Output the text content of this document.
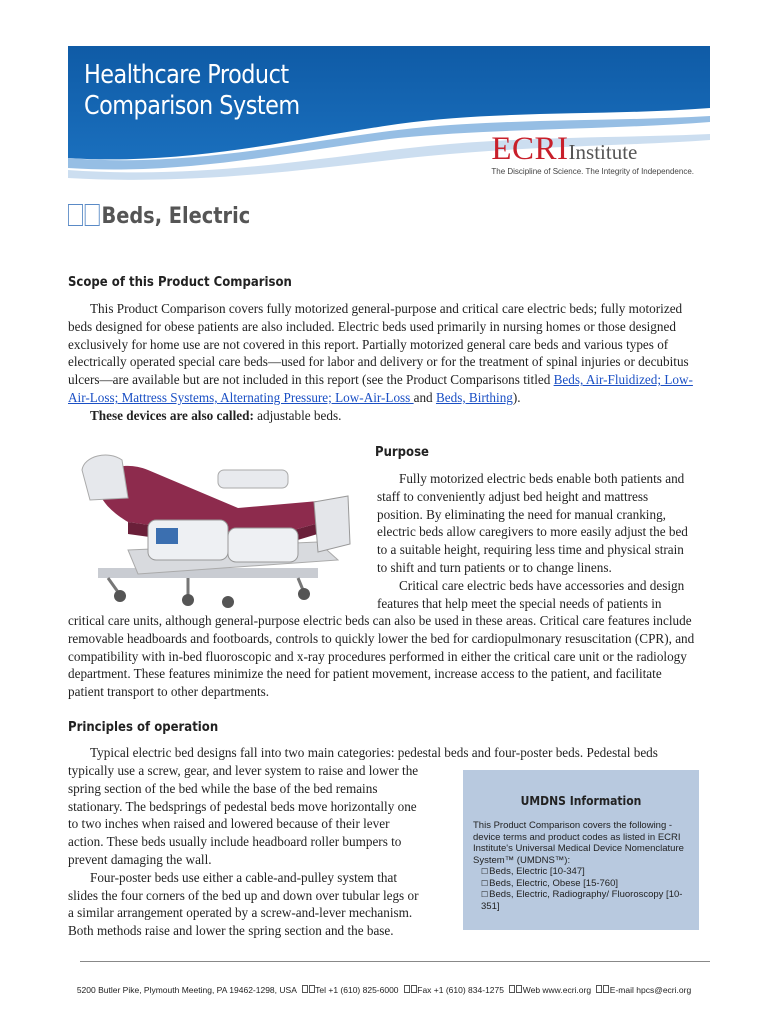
Healthcare Product
Comparison System
ECRIInstitute
The Discipline of Science. The Integrity of Independence.
Beds, Electric
Scope of this Product Comparison

This Product Comparison covers fully motorized general-purpose and critical care electric beds; fully motorized beds designed for obese patients are also included. Electric beds used primarily in nursing homes or those designed exclusively for home use are not covered in this report. Partially motorized general care beds and various types of electrically operated special care beds—used for labor and delivery or for the treatment of spinal injuries or decubitus ulcers—are available but are not included in this report (see the Product Comparisons titled Beds, Air-Fluidized; Low-Air-Loss; Mattress Systems, Alternating Pressure; Low-Air-Loss and Beds, Birthing).

These devices are also called: adjustable beds.

Purpose

Fully motorized electric beds enable both patients and staff to conveniently adjust bed height and mattress position. By eliminating the need for manual cranking, electric beds allow caregivers to more easily adjust the bed to a suitable height, requiring less time and physical strain to shift and turn patients or to change linens.

Critical care electric beds have accessories and design features that help meet the special needs of patients in

critical care units, although general-purpose electric beds can also be used in these areas. Critical care features include removable headboards and footboards, controls to quickly lower the bed for cardiopulmonary resuscitation (CPR), and compatibility with in-bed fluoroscopic and x-ray procedures performed in either the critical care unit or the radiology department. These features minimize the need for patient movement, increase access to the patient, and facilitate patient transport to other departments.

Principles of operation

Typical electric bed designs fall into two main categories: pedestal beds and four-poster beds. Pedestal beds

typically use a screw, gear, and lever system to raise and lower the spring section of the bed while the base of the bed remains stationary. The bedsprings of pedestal beds move horizontally one to two inches when raised and lowered because of their lever action. These beds usually include headboard roller bumpers to prevent damaging the wall.

Four-poster beds use either a cable-and-pulley system that slides the four corners of the bed up and down over tubular legs or a similar arrangement operated by a screw-and-lever mechanism. Both methods raise and lower the spring section and the base.

UMDNS Information
This Product Comparison covers the following - device terms and product codes as listed in ECRI Institute's Universal Medical Device Nomenclature System™ (UMDNS™):
☐ Beds, Electric [10-347]
☐ Beds, Electric, Obese [15-760]
☐ Beds, Electric, Radiography/ Fluoroscopy [10-351]
5200 Butler Pike, Plymouth Meeting, PA 19462-1298, USA Tel +1 (610) 825-6000 Fax +1 (610) 834-1275 Web www.ecri.org E-mail hpcs@ecri.org
